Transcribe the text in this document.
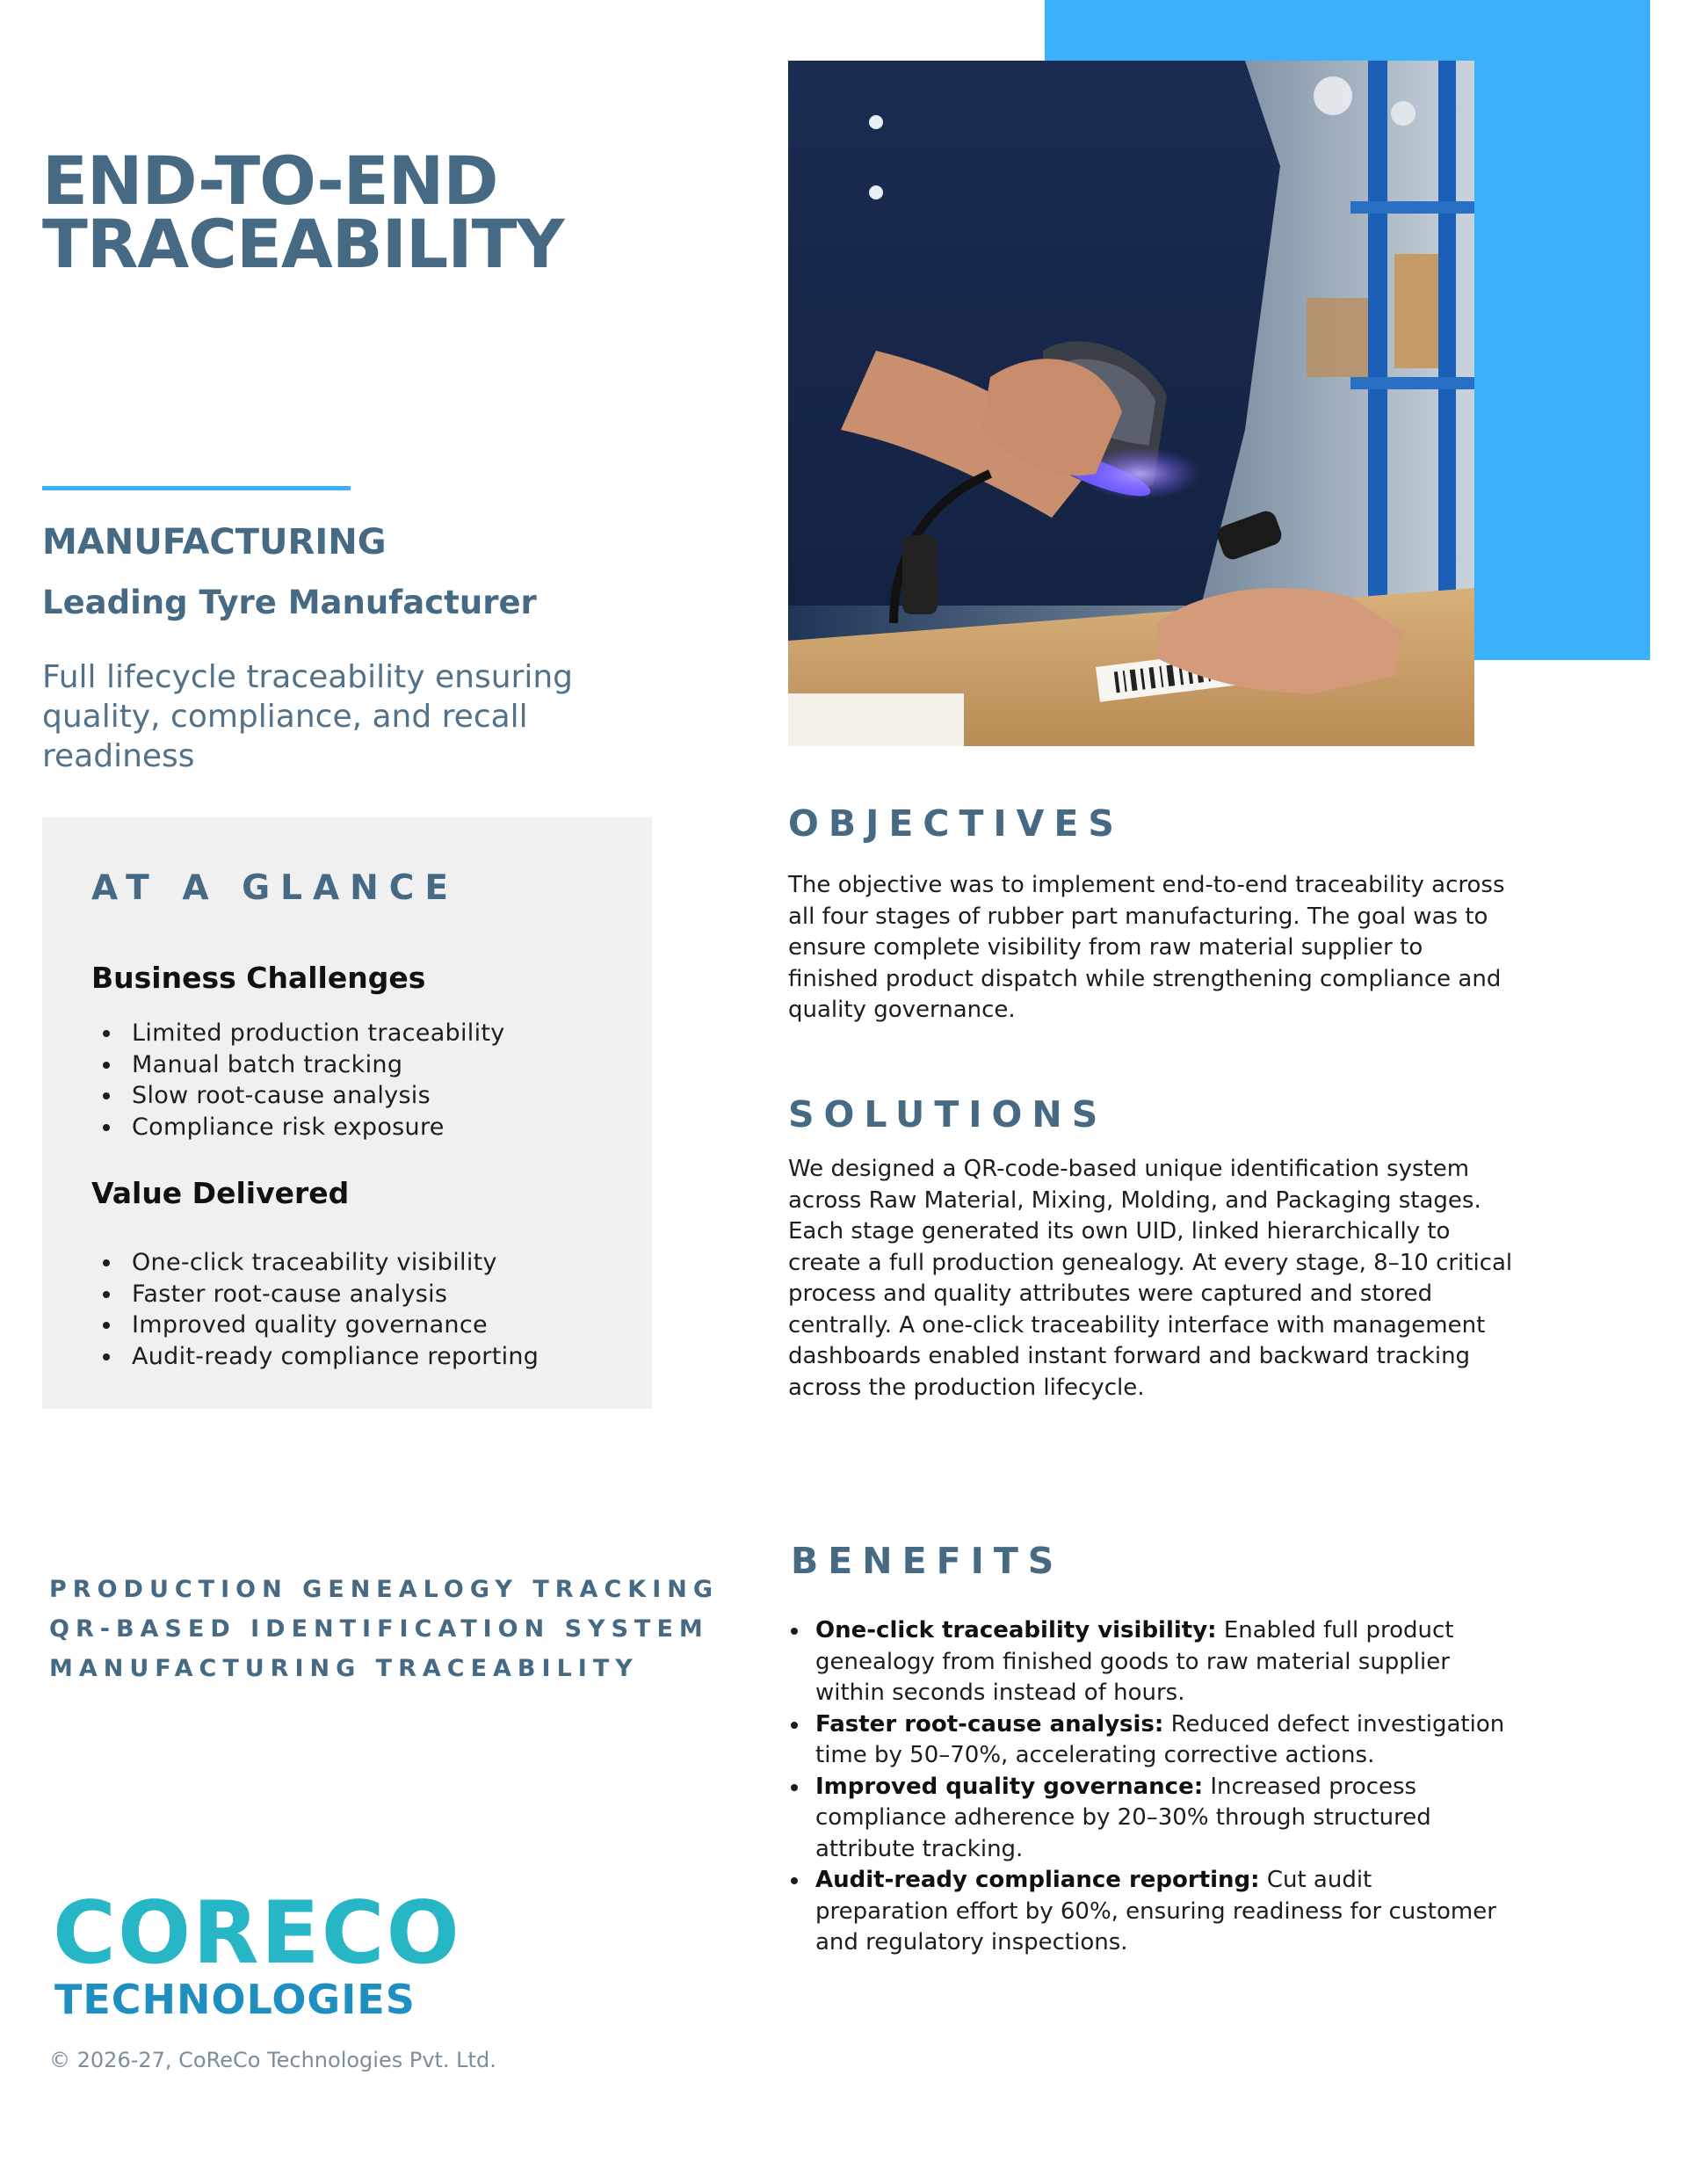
END-TO-END TRACEABILITY
MANUFACTURING
Leading Tyre Manufacturer

Full lifecycle traceability ensuring quality, compliance, and recall readiness

AT A GLANCE
Business Challenges
Limited production traceability
Manual batch tracking
Slow root-cause analysis
Compliance risk exposure
Value Delivered
One-click traceability visibility
Faster root-cause analysis
Improved quality governance
Audit-ready compliance reporting
PRODUCTION GENEALOGY TRACKING
QR-BASED IDENTIFICATION SYSTEM
MANUFACTURING TRACEABILITY
CORECO
TECHNOLOGIES

© 2026-27, CoReCo Technologies Pvt. Ltd.

OBJECTIVES

The objective was to implement end-to-end traceability across all four stages of rubber part manufacturing. The goal was to ensure complete visibility from raw material supplier to finished product dispatch while strengthening compliance and quality governance.

SOLUTIONS

We designed a QR-code-based unique identification system across Raw Material, Mixing, Molding, and Packaging stages. Each stage generated its own UID, linked hierarchically to create a full production genealogy. At every stage, 8–10 critical process and quality attributes were captured and stored centrally. A one-click traceability interface with management dashboards enabled instant forward and backward tracking across the production lifecycle.

BENEFITS
One-click traceability visibility: Enabled full product genealogy from finished goods to raw material supplier within seconds instead of hours.
Faster root-cause analysis: Reduced defect investigation time by 50–70%, accelerating corrective actions.
Improved quality governance: Increased process compliance adherence by 20–30% through structured attribute tracking.
Audit-ready compliance reporting: Cut audit preparation effort by 60%, ensuring readiness for customer and regulatory inspections.
